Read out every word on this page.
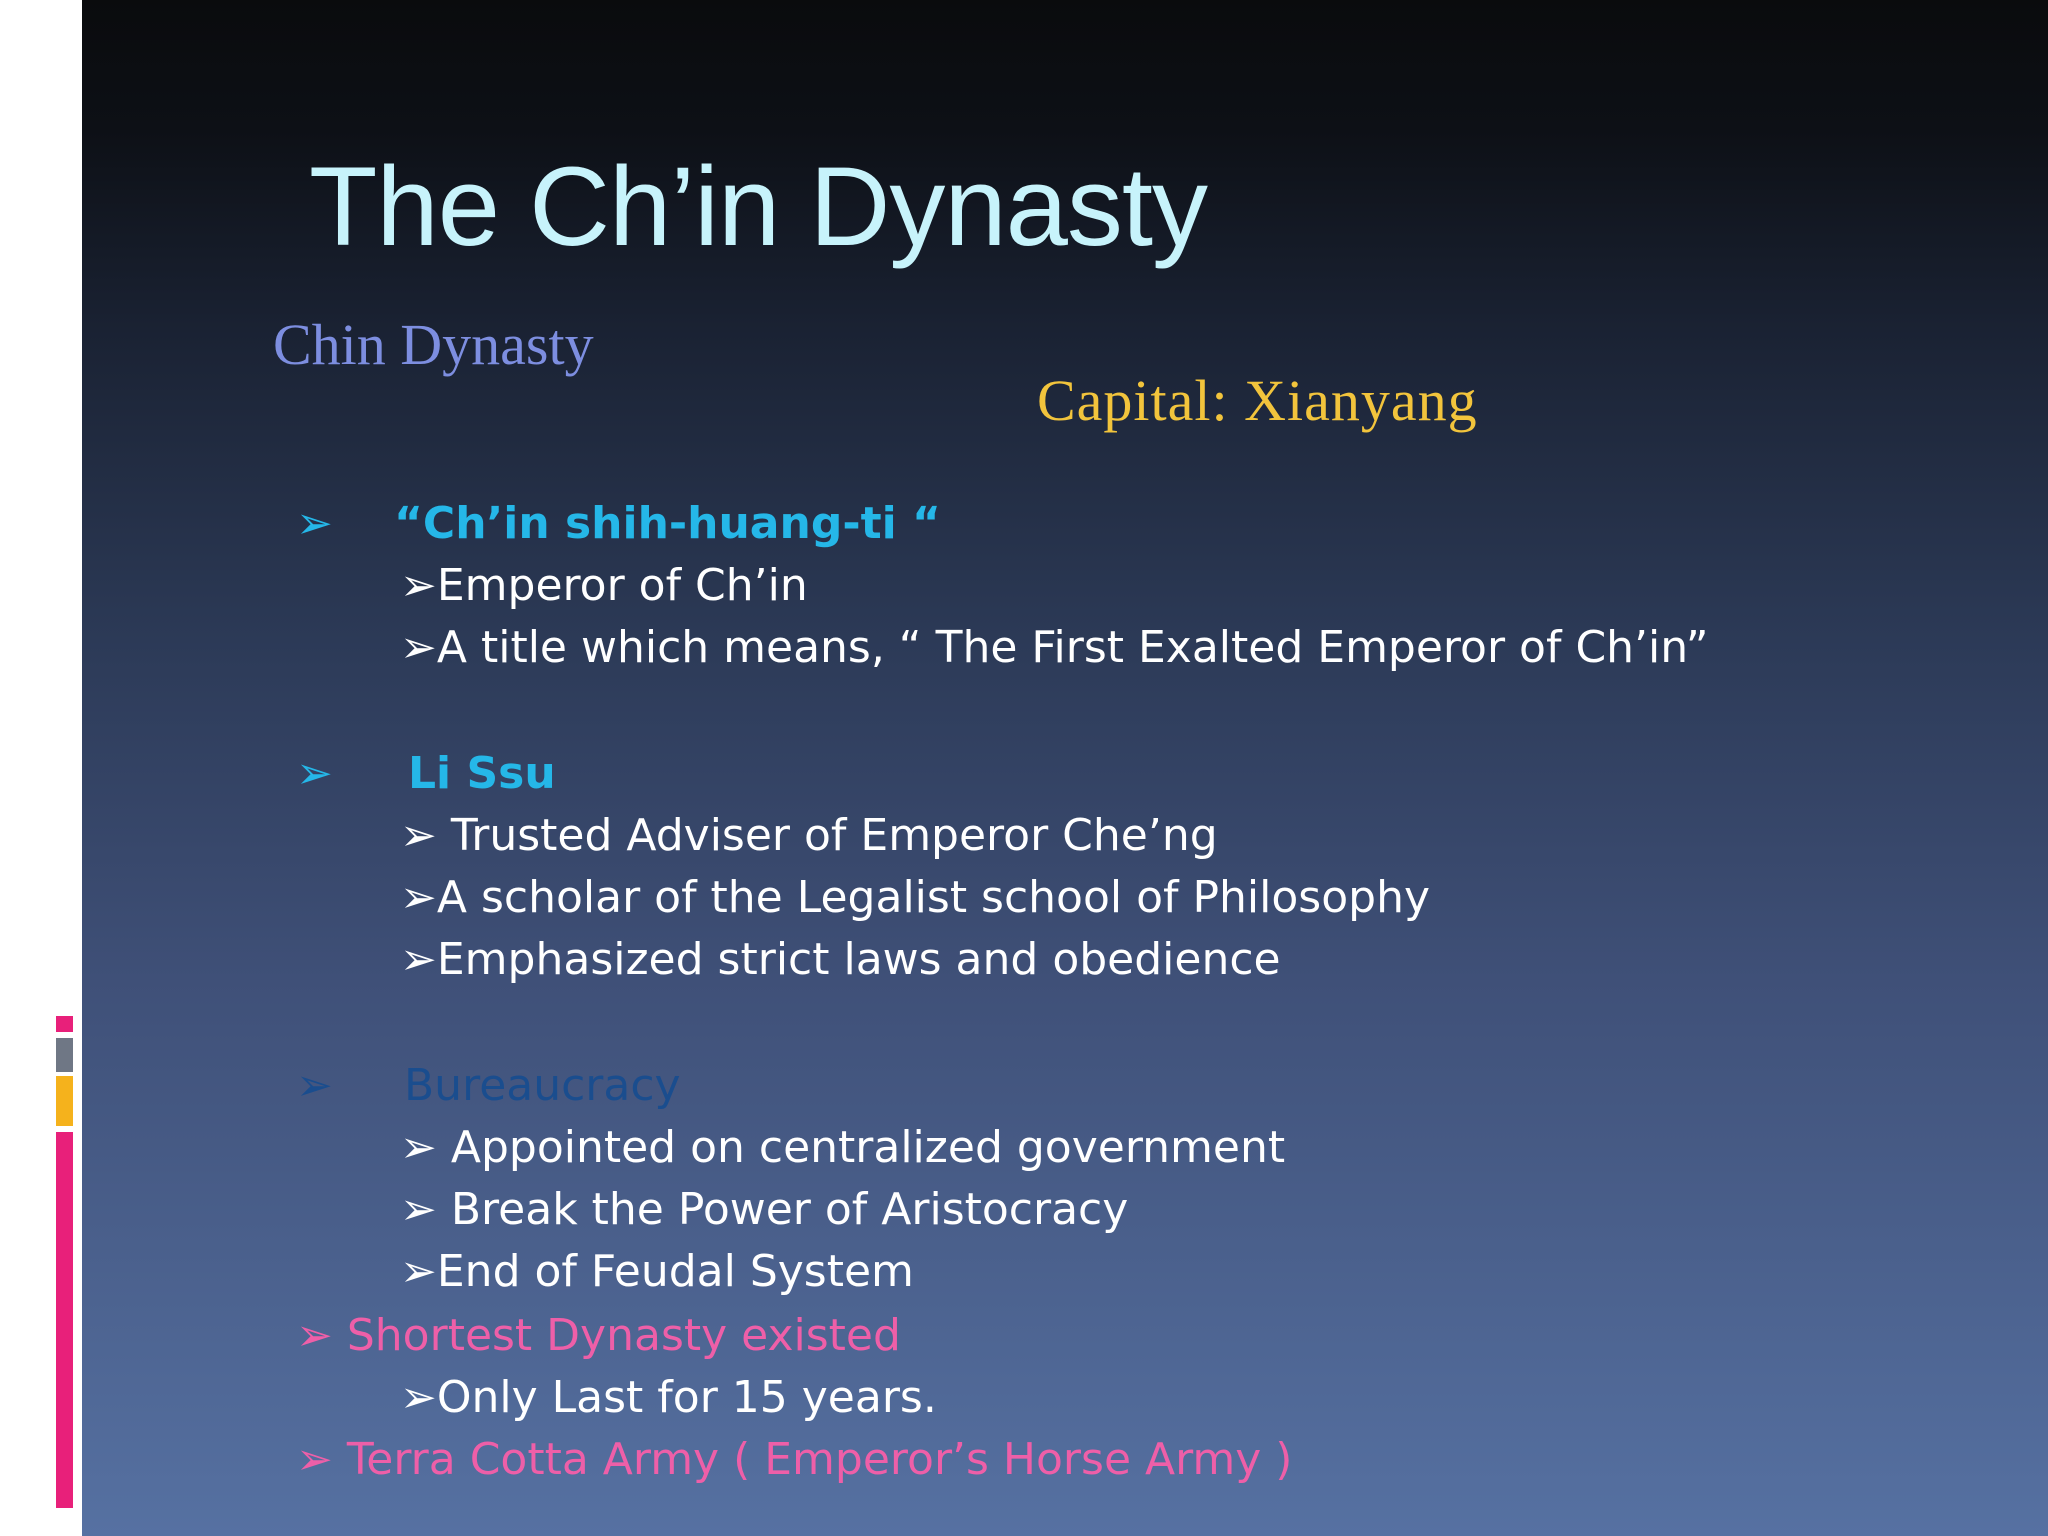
The Ch’in Dynasty
Chin Dynasty
Capital: Xianyang
➢ “Ch’in shih-huang-ti “
➢Emperor of Ch’in
➢A title which means, “ The First Exalted Emperor of Ch’in”
➢ Li Ssu
➢ Trusted Adviser of Emperor Che’ng
➢A scholar of the Legalist school of Philosophy
➢Emphasized strict laws and obedience
➢ Bureaucracy
➢ Appointed on centralized government
➢ Break the Power of Aristocracy
➢End of Feudal System
➢ Shortest Dynasty existed
➢Only Last for 15 years.
➢ Terra Cotta Army ( Emperor’s Horse Army )
